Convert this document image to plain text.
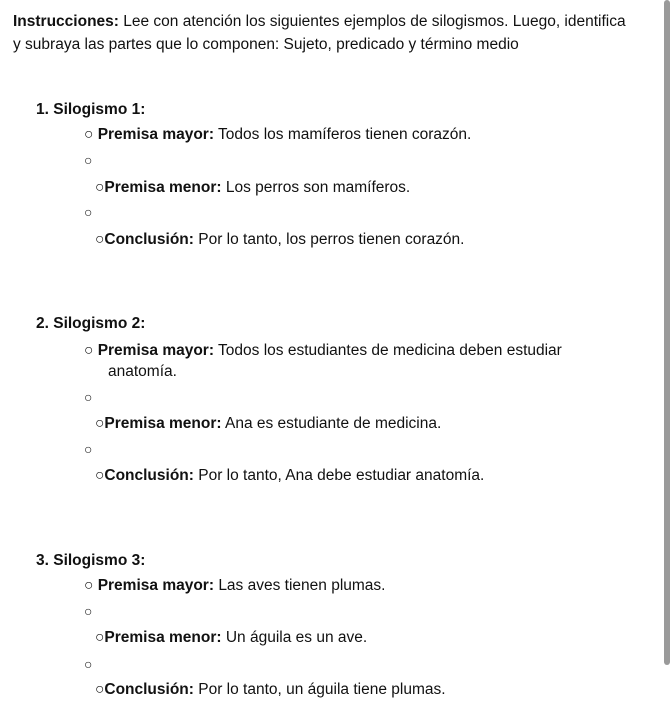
Instrucciones: Lee con atención los siguientes ejemplos de silogismos. Luego, identifica y subraya las partes que lo componen: Sujeto, predicado y término medio
1. Silogismo 1:
○ Premisa mayor: Todos los mamíferos tienen corazón.
○
○Premisa menor: Los perros son mamíferos.
○
○Conclusión: Por lo tanto, los perros tienen corazón.
2. Silogismo 2:
○ Premisa mayor: Todos los estudiantes de medicina deben estudiar
anatomía.
○
○Premisa menor: Ana es estudiante de medicina.
○
○Conclusión: Por lo tanto, Ana debe estudiar anatomía.
3. Silogismo 3:
○ Premisa mayor: Las aves tienen plumas.
○
○Premisa menor: Un águila es un ave.
○
○Conclusión: Por lo tanto, un águila tiene plumas.
